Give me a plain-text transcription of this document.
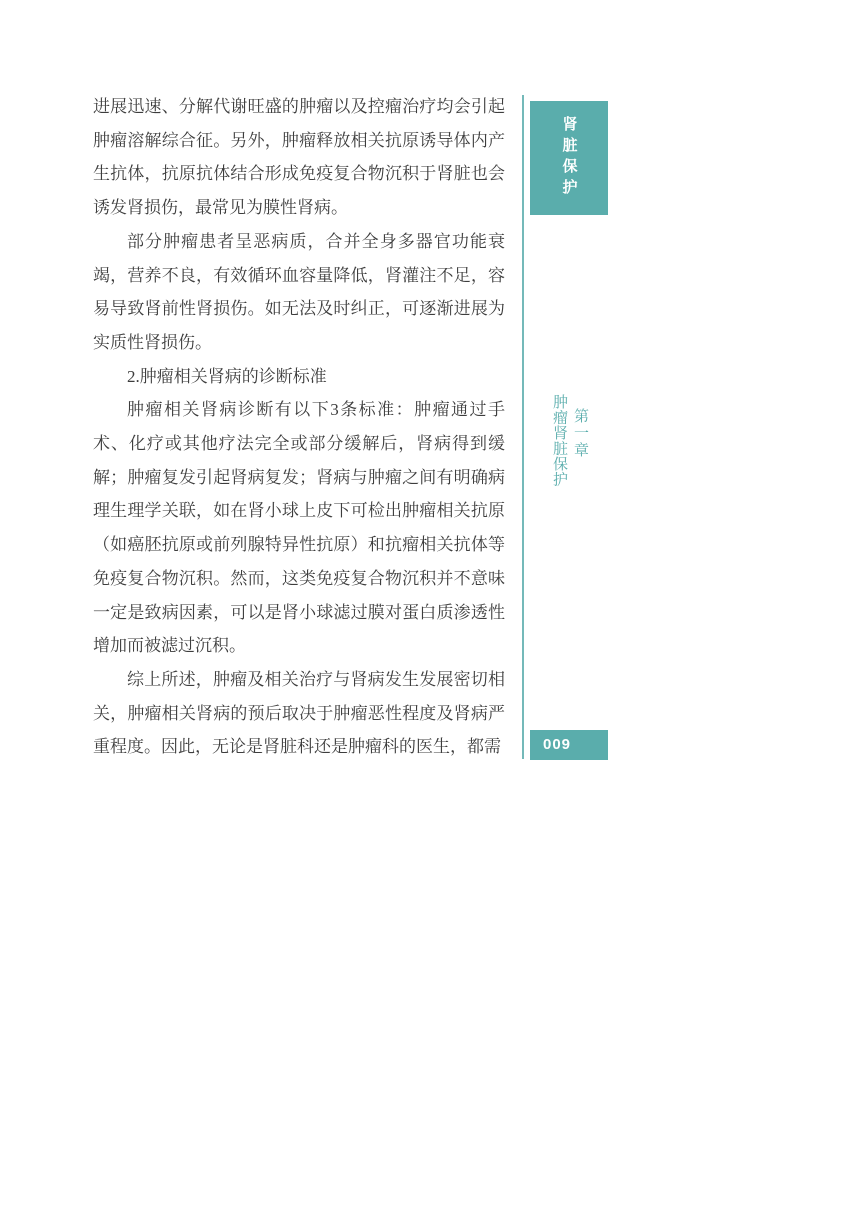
进展迅速、分解代谢旺盛的肿瘤以及控瘤治疗均会引起肿瘤溶解综合征。另外，肿瘤释放相关抗原诱导体内产生抗体，抗原抗体结合形成免疫复合物沉积于肾脏也会诱发肾损伤，最常见为膜性肾病。

部分肿瘤患者呈恶病质，合并全身多器官功能衰竭，营养不良，有效循环血容量降低，肾灌注不足，容易导致肾前性肾损伤。如无法及时纠正，可逐渐进展为实质性肾损伤。

2.肿瘤相关肾病的诊断标准

肿瘤相关肾病诊断有以下3条标准：肿瘤通过手术、化疗或其他疗法完全或部分缓解后，肾病得到缓解；肿瘤复发引起肾病复发；肾病与肿瘤之间有明确病理生理学关联，如在肾小球上皮下可检出肿瘤相关抗原（如癌胚抗原或前列腺特异性抗原）和抗瘤相关抗体等免疫复合物沉积。然而，这类免疫复合物沉积并不意味一定是致病因素，可以是肾小球滤过膜对蛋白质渗透性增加而被滤过沉积。

综上所述，肿瘤及相关治疗与肾病发生发展密切相关，肿瘤相关肾病的预后取决于肿瘤恶性程度及肾病严重程度。因此，无论是肾脏科还是肿瘤科的医生，都需

肾脏保护
第一章
肿瘤肾脏保护
009
